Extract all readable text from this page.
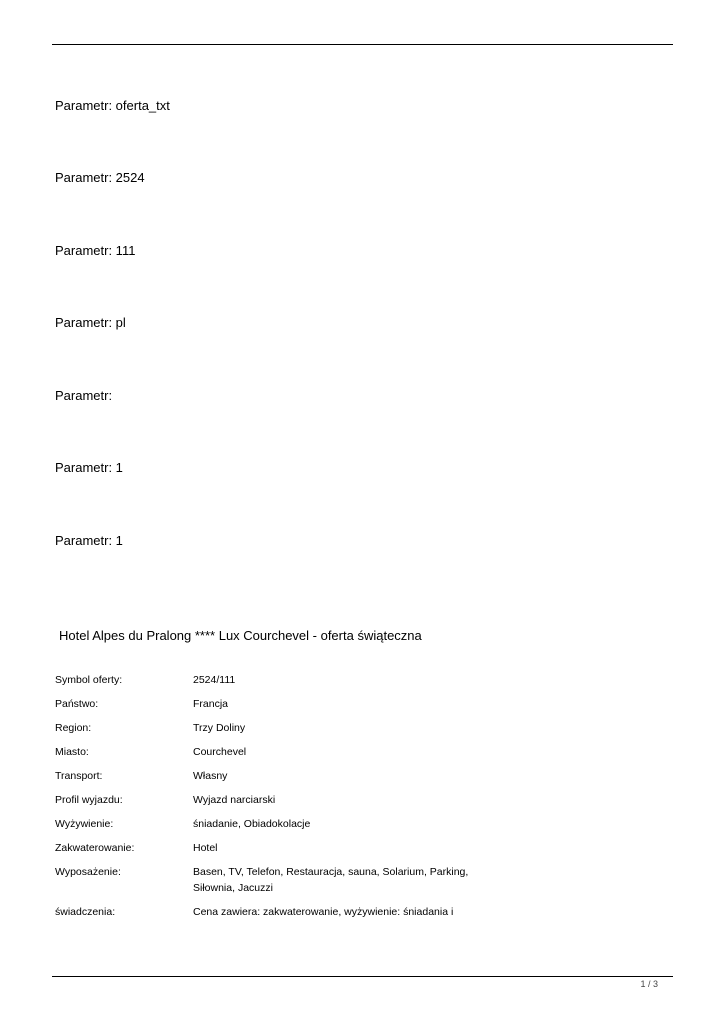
Parametr: oferta_txt
Parametr: 2524
Parametr: 111
Parametr: pl
Parametr:
Parametr: 1
Parametr: 1
Hotel Alpes du Pralong **** Lux Courchevel - oferta świąteczna
Symbol oferty:	2524/111
Państwo:	Francja
Region:	Trzy Doliny
Miasto:	Courchevel
Transport:	Własny
Profil wyjazdu:	Wyjazd narciarski
Wyżywienie:	śniadanie, Obiadokolacje
Zakwaterowanie:	Hotel
Wyposażenie:	Basen, TV, Telefon, Restauracja, sauna, Solarium, Parking, Siłownia, Jacuzzi
świadczenia:	Cena zawiera: zakwaterowanie, wyżywienie: śniadania i
1 / 3
